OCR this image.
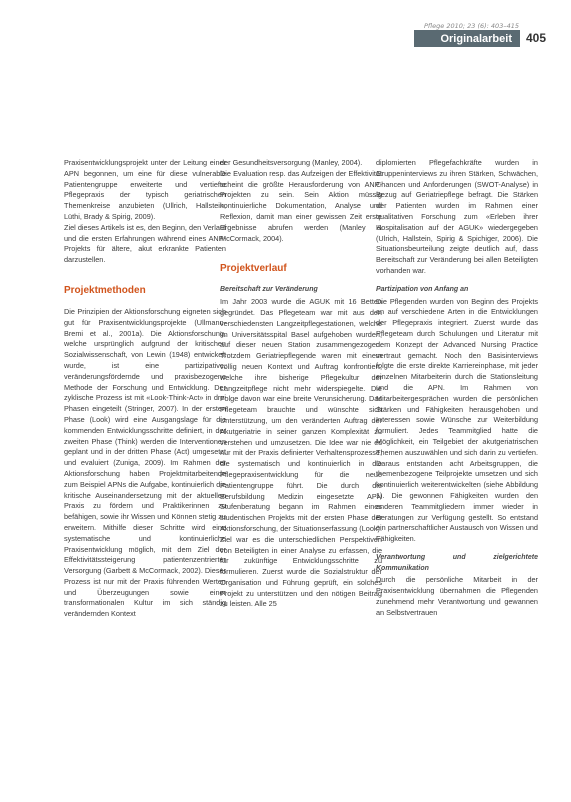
Pflege 2010; 23 (6): 403–415
Originalarbeit 405

Praxisentwicklungsprojekt unter der Leitung einer APN begonnen, um eine für diese vulnerable Patientengruppe erweiterte und vertiefte Pflegepraxis der typisch geriatrischen Themenkreise anzubieten (Ullrich, Hallstein, Lüthi, Brady & Spirig, 2009).

Ziel dieses Artikels ist es, den Beginn, den Verlauf und die ersten Erfahrungen während eines ANP-Projekts für ältere, akut erkrankte Patienten darzustellen.

Projektmethoden

Die Prinzipien der Aktionsforschung eigneten sich gut für Praxisentwicklungsprojekte (Ullmann-Bremi et al., 2001a). Die Aktionsforschung, welche ursprünglich aufgrund der kritischen Sozialwissenschaft, von Lewin (1948) entwickelt wurde, ist eine partizipative, veränderungsfördernde und praxisbezogene Methode der Forschung und Entwicklung. Der zyklische Prozess ist mit «Look-Think-Act» in drei Phasen eingeteilt (Stringer, 2007). In der ersten Phase (Look) wird eine Ausgangslage für die kommenden Entwicklungsschritte definiert, in der zweiten Phase (Think) werden die Interventionen geplant und in der dritten Phase (Act) umgesetzt und evaluiert (Zuniga, 2009). Im Rahmen der Aktionsforschung haben Projektmitarbeitende zum Beispiel APNs die Aufgabe, kontinuierlich die kritische Auseinandersetzung mit der aktuellen Praxis zu fördern und Praktikerinnen zu befähigen, sowie ihr Wissen und Können stetig zu erweitern. Mithilfe dieser Schritte wird eine systematische und kontinuierliche Praxisentwicklung möglich, mit dem Ziel der Effektivitätssteigerung patientenzentrierter Versorgung (Garbett & McCormack, 2002). Dieser Prozess ist nur mit der Praxis führenden Werten und Überzeugungen sowie einer transformationalen Kultur im sich ständig verändernden Kontext

der Gesundheitsversorgung (Manley, 2004).

Die Evaluation resp. das Aufzeigen der Effektivität scheint die größte Herausforderung von ANP-Projekten zu sein. Sein Aktion müssig kontinuierliche Dokumentation, Analyse und Reflexion, damit man einer gewissen Zeit erste Ergebnisse abrufen werden (Manley & McCormack, 2004).

Projektverlauf
Bereitschaft zur Veränderung

Im Jahr 2003 wurde die AGUK mit 16 Betten gegründet. Das Pflegeteam war mit aus den verschiedensten Langzeitpflegestationen, welche im Universitätsspital Basel aufgehoben wurden, auf dieser neuen Station zusammengezogen. Trotzdem Geriatriepflegende waren mit einem völlig neuen Kontext und Auftrag konfrontiert, welche ihre bisherige Pflegekultur der Langzeitpflege nicht mehr widerspiegelte. Die Folge davon war eine breite Verunsicherung. Das Pflegeteam brauchte und wünschte sich Unterstützung, um den veränderten Auftrag der Akutgeriatrie in seiner ganzen Komplexität zu verstehen und umzusetzen. Die Idee war nie es nur mit der Praxis definierter Verhaltensprozesse, die systematisch und kontinuierlich in die Pflegepraxisentwicklung für die neue Patientengruppe führt. Die durch die Berufsbildung Medizin eingesetzte APN Stufenberatung begann im Rahmen eines studentischen Projekts mit der ersten Phase der Aktionsforschung, der Situationserfassung (Look). Ziel war es die unterschiedlichen Perspektiven von Beteiligten in einer Analyse zu erfassen, die für zukünftige Entwicklungsschritte zu formulieren. Zuerst wurde die Sozialstruktur der Organisation und Führung geprüft, ein solches Projekt zu unterstützen und den nötigen Beitrag zu leisten. Alle 25

diplomierten Pflegefachkräfte wurden in Gruppeninterviews zu ihren Stärken, Schwächen, Chancen und Anforderungen (SWOT-Analyse) in Bezug auf Geriatriepflege befragt. Die Stärken der Patienten wurden im Rahmen einer qualitativen Forschung zum «Erleben ihrer Hospitalisation auf der AGUK» wiedergegeben (Ulrich, Hallstein, Spirig & Spichiger, 2006). Die Situationsbeurteilung zeigte deutlich auf, dass Bereitschaft zur Veränderung bei allen Beteiligten vorhanden war.

Partizipation von Anfang an

Die Pflegenden wurden von Beginn des Projekts an auf verschiedene Arten in die Entwicklungen der Pflegepraxis integriert. Zuerst wurde das Pflegeteam durch Schulungen und Literatur mit dem Konzept der Advanced Nursing Practice vertraut gemacht. Noch den Basisinterviews folgte die erste direkte Karriereinphase, mit jeder einzelnen Mitarbeiterin durch die Stationsleitung und die APN. Im Rahmen von Mitarbeitergesprächen wurden die persönlichen Stärken und Fähigkeiten herausgehoben und Interessen sowie Wünsche zur Weiterbildung formuliert. Jedes Teammitglied hatte die Möglichkeit, ein Teilgebiet der akutgeriatrischen Themen auszuwählen und sich darin zu vertiefen. Daraus entstanden acht Arbeitsgruppen, die themenbezogene Teilprojekte umsetzen und sich kontinuierlich weiterentwickelten (siehe Abbildung 1). Die gewonnen Fähigkeiten wurden den anderen Teammitgliedern immer wieder in Beratungen zur Verfügung gestellt. So entstand ein partnerschaftlicher Austausch von Wissen und Fähigkeiten.

Verantwortung und zielgerichtete Kommunikation

Durch die persönliche Mitarbeit in der Praxisentwicklung übernahmen die Pflegenden zunehmend mehr Verantwortung und gewannen an Selbstvertrauen
